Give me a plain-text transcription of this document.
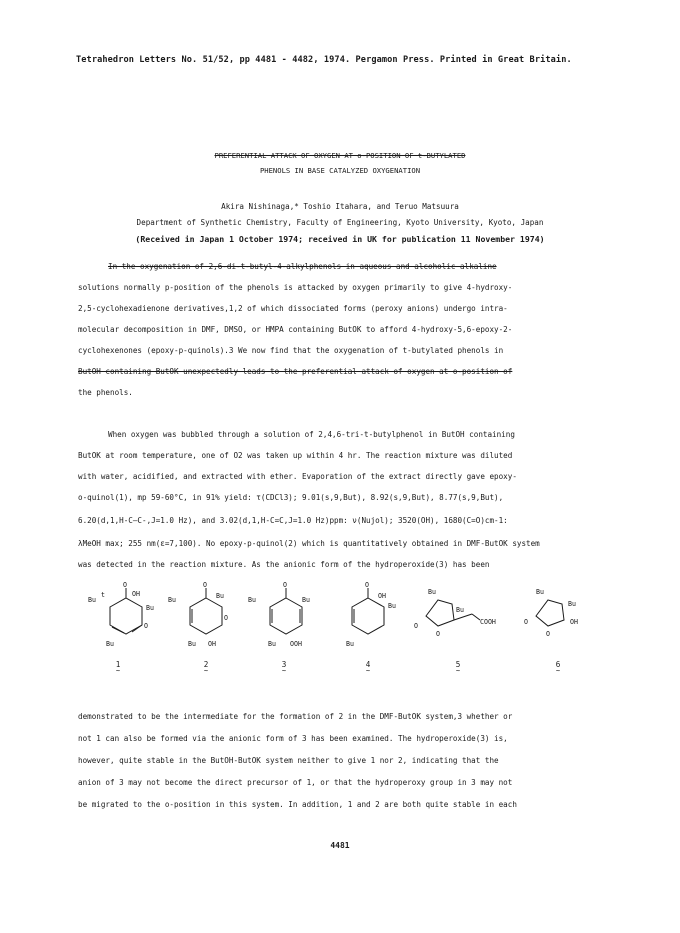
Tetrahedron Letters No. 51/52, pp 4481 - 4482, 1974. Pergamon Press. Printed in Great Britain.
PREFERENTIAL ATTACK OF OXYGEN AT o-POSITION OF t-BUTYLATED
PHENOLS IN BASE CATALYZED OXYGENATION
Akira Nishinaga,* Toshio Itahara, and Teruo Matsuura
Department of Synthetic Chemistry, Faculty of Engineering, Kyoto University, Kyoto, Japan
(Received in Japan 1 October 1974; received in UK for publication 11 November 1974)
In the oxygenation of 2,6-di-t-butyl-4-alkylphenols in aqueous and alcoholic alkaline
solutions normally p-position of the phenols is attacked by oxygen primarily to give 4-hydroxy-
2,5-cyclohexadienone derivatives,1,2 of which dissociated forms (peroxy anions) undergo intra-
molecular decomposition in DMF, DMSO, or HMPA containing ButOK to afford 4-hydroxy-5,6-epoxy-2-
cyclohexenones (epoxy-p-quinols).3 We now find that the oxygenation of t-butylated phenols in
ButOH containing ButOK unexpectedly leads to the preferential attack of oxygen at o-position of
the phenols.
When oxygen was bubbled through a solution of 2,4,6-tri-t-butylphenol in ButOH containing
ButOK at room temperature, one of O2 was taken up within 4 hr. The reaction mixture was diluted
with water, acidified, and extracted with ether. Evaporation of the extract directly gave epoxy-
o-quinol(1), mp 59-60°C, in 91% yield: τ(CDCl3); 9.01(s,9,But), 8.92(s,9,But), 8.77(s,9,But),
6.20(d,1,H-C—C-,J=1.0 Hz), and 3.02(d,1,H-C=C,J=1.0 Hz)ppm: ν(Nujol); 3520(OH), 1680(C=O)cm-1:
λMeOH max; 255 nm(ε=7,100). No epoxy-p-quinol(2) which is quantitatively obtained in DMF-ButOK system
was detected in the reaction mixture. As the anionic form of the hydroperoxide(3) has been
O
OH
Bu
t
Bu
Bu
O
O
Bu	Bu
O
Bu OH
O
Bu	Bu
Bu OOH
O
OH
Bu
Bu
Bu
Bu
COOH
O
O
Bu
Bu
OH
O
O
1
~
2
~
3
~
4
~
5
~
6
~
demonstrated to be the intermediate for the formation of 2 in the DMF-ButOK system,3 whether or
not 1 can also be formed via the anionic form of 3 has been examined. The hydroperoxide(3) is,
however, quite stable in the ButOH-ButOK system neither to give 1 nor 2, indicating that the
anion of 3 may not become the direct precursor of 1, or that the hydroperoxy group in 3 may not
be migrated to the o-position in this system. In addition, 1 and 2 are both quite stable in each
4481
